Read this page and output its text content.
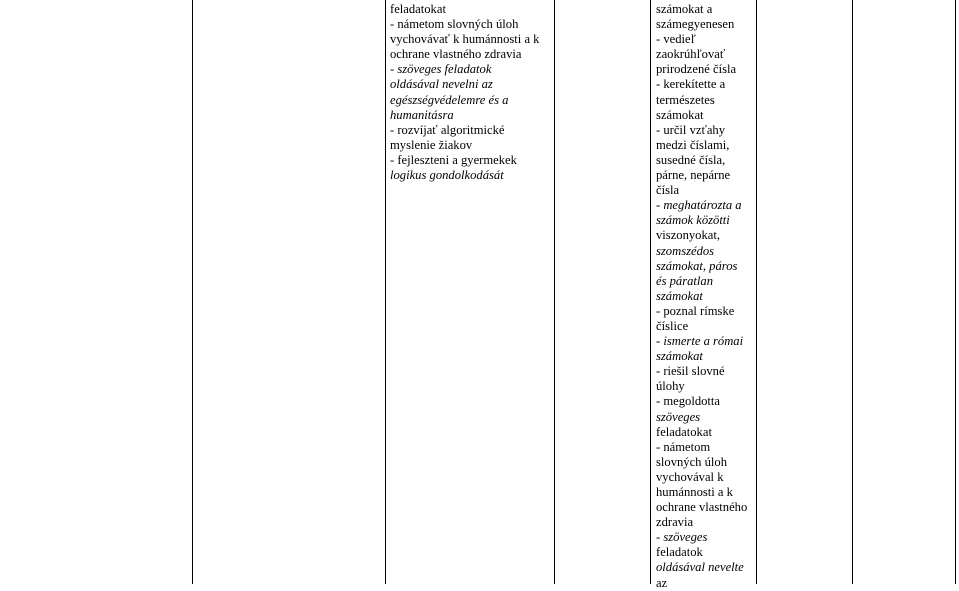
feladatokat
- námetom slovných úloh
vychovávať k humánnosti a k
ochrane vlastného zdravia
- szöveges feladatok
oldásával nevelni az
egészségvédelemre és a
humanitásra
- rozvíjať algoritmické
myslenie žiakov
- fejleszteni a gyermekek
logikus gondolkodását
számokat a
számegyenesen
- vedieľ
zaokrúhľovať
prirodzené čísla
- kerekítette a
természetes
számokat
- určil vzťahy
medzi číslami,
susedné čísla,
párne, nepárne
čísla
- meghatározta a
számok közötti
viszonyokat,
szomszédos
számokat, páros
és páratlan
számokat
- poznal rímske
číslice
- ismerte a római
számokat
- riešil slovné
úlohy
- megoldotta
szöveges
feladatokat
- námetom
slovných úloh
vychovával k
humánnosti a k
ochrane vlastného
zdravia
- szöveges
feladatok
oldásával nevelte
az
